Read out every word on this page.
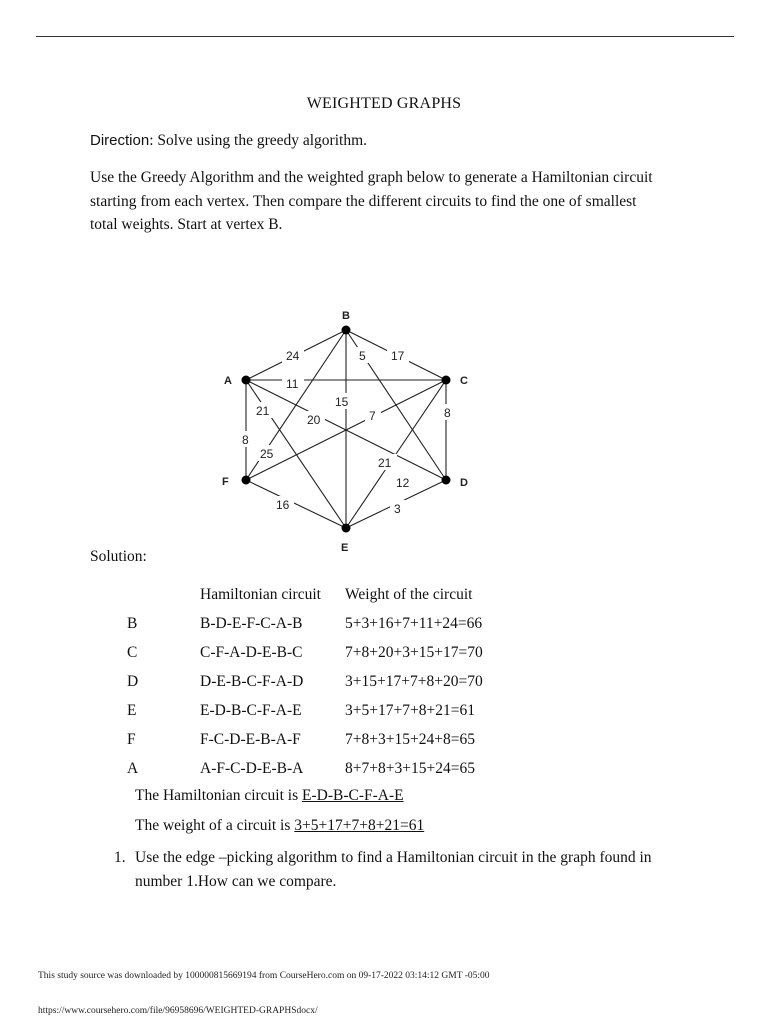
WEIGHTED GRAPHS
Direction: Solve using the greedy algorithm.
Use the Greedy Algorithm and the weighted graph below to generate a Hamiltonian circuit
starting from each vertex. Then compare the different circuits to find the one of smallest
total weights. Start at vertex B.
A
B
C
D
E
F
24	5 17
11
15
21
20	7
8
8
25
21
12
16	3
Solution:
	Hamiltonian circuit	Weight of the circuit
B	B-D-E-F-C-A-B	5+3+16+7+11+24=66
C	C-F-A-D-E-B-C	7+8+20+3+15+17=70
D	D-E-B-C-F-A-D	3+15+17+7+8+20=70
E	E-D-B-C-F-A-E	3+5+17+7+8+21=61
F	F-C-D-E-B-A-F	7+8+3+15+24+8=65
A	A-F-C-D-E-B-A	8+7+8+3+15+24=65
The Hamiltonian circuit is E-D-B-C-F-A-E
The weight of a circuit is 3+5+17+7+8+21=61
1. Use the edge –picking algorithm to find a Hamiltonian circuit in the graph found in
number 1.How can we compare.
This study source was downloaded by 100000815669194 from CourseHero.com on 09-17-2022 03:14:12 GMT -05:00
https://www.coursehero.com/file/96958696/WEIGHTED-GRAPHSdocx/
